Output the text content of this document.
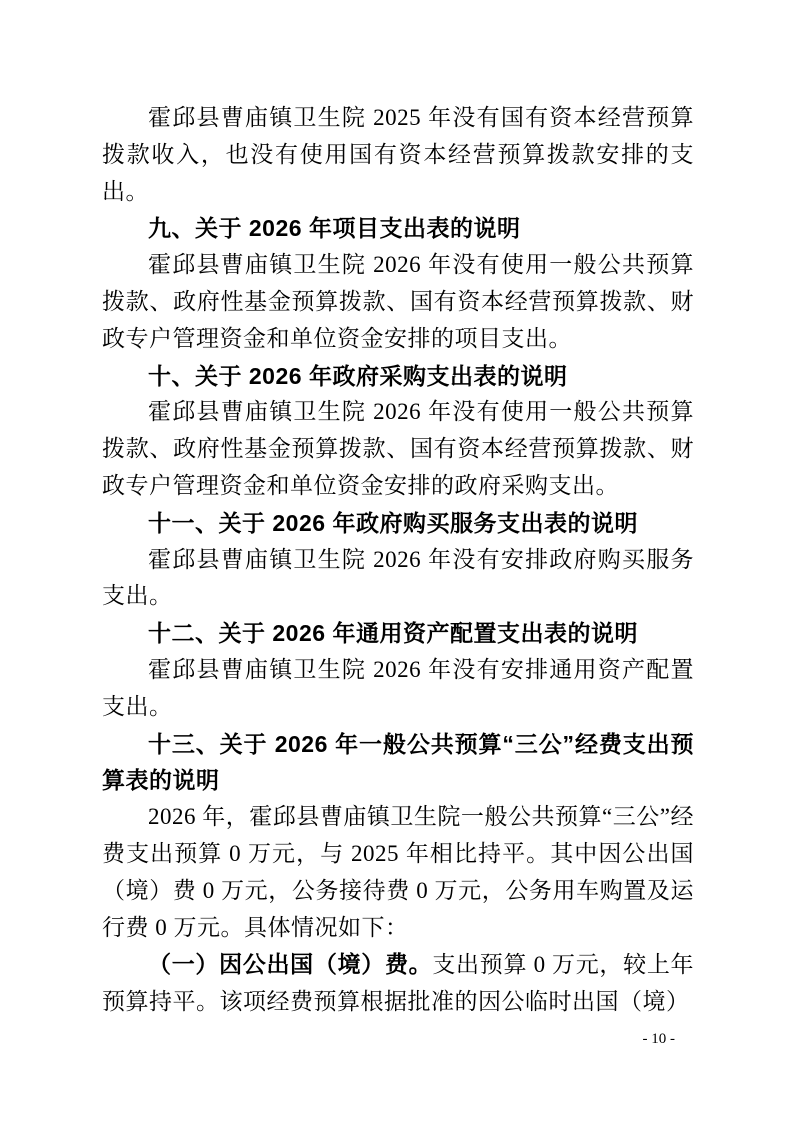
霍邱县曹庙镇卫生院 2025 年没有国有资本经营预算拨款收入，也没有使用国有资本经营预算拨款安排的支出。

九、关于 2026 年项目支出表的说明

霍邱县曹庙镇卫生院 2026 年没有使用一般公共预算拨款、政府性基金预算拨款、国有资本经营预算拨款、财政专户管理资金和单位资金安排的项目支出。

十、关于 2026 年政府采购支出表的说明

霍邱县曹庙镇卫生院 2026 年没有使用一般公共预算拨款、政府性基金预算拨款、国有资本经营预算拨款、财政专户管理资金和单位资金安排的政府采购支出。

十一、关于 2026 年政府购买服务支出表的说明

霍邱县曹庙镇卫生院 2026 年没有安排政府购买服务支出。

十二、关于 2026 年通用资产配置支出表的说明

霍邱县曹庙镇卫生院 2026 年没有安排通用资产配置支出。

十三、关于 2026 年一般公共预算“三公”经费支出预算表的说明

2026 年，霍邱县曹庙镇卫生院一般公共预算“三公”经费支出预算 0 万元，与 2025 年相比持平。其中因公出国（境）费 0 万元，公务接待费 0 万元，公务用车购置及运行费 0 万元。具体情况如下：

（一）因公出国（境）费。支出预算 0 万元，较上年预算持平。该项经费预算根据批准的因公临时出国（境）

- 10 -
